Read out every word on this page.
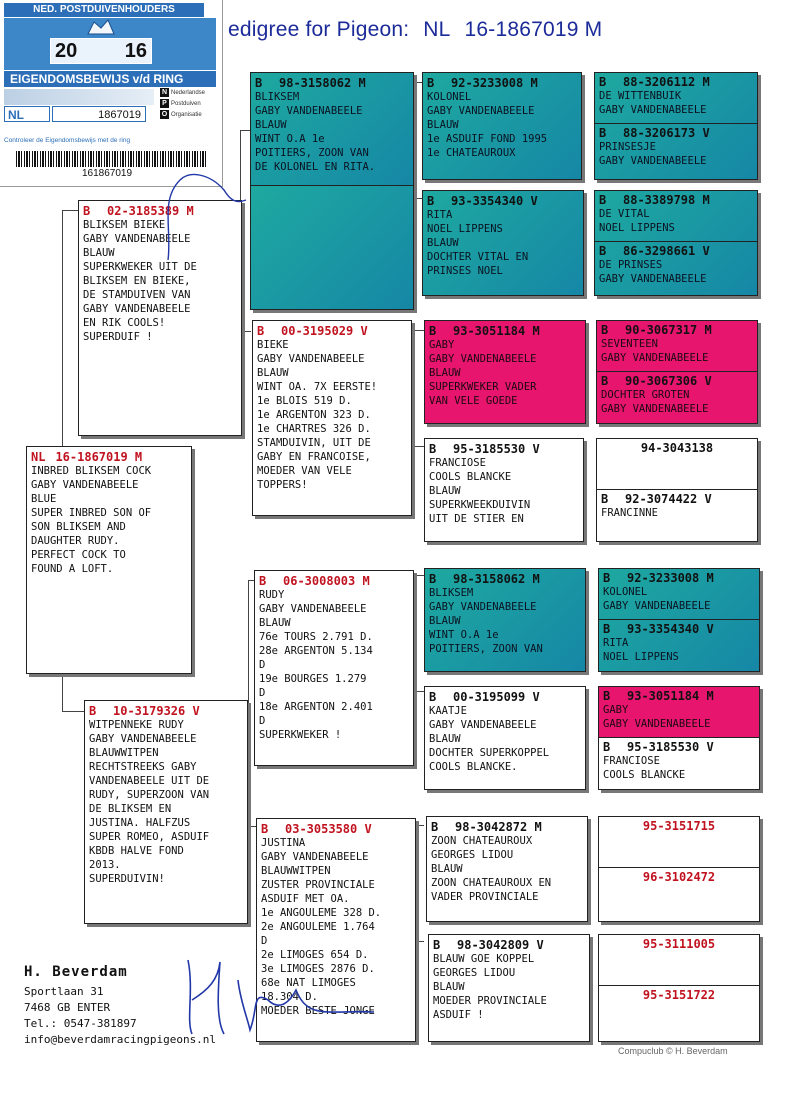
edigree for Pigeon: NL 16-1867019 M
NED. POSTDUIVENHOUDERS
20 16
EIGENDOMSBEWIJS v/d RING
N Nederlandse
P Postduiven
O Organisatie
NL	1867019
Controleer de Eigendomsbewijs met de ring
161867019
NL 16-1867019 M
INBRED BLIKSEM COCK
GABY VANDENABEELE
BLUE
SUPER INBRED SON OF
SON BLIKSEM AND
DAUGHTER RUDY.
PERFECT COCK TO
FOUND A LOFT.
B	02-3185389 M
BLIKSEM BIEKE
GABY VANDENABEELE
BLAUW
SUPERKWEKER UIT DE
BLIKSEM EN BIEKE,
DE STAMDUIVEN VAN
GABY VANDENABEELE
EN RIK COOLS!
SUPERDUIF !
B	10-3179326 V
WITPENNEKE RUDY
GABY VANDENABEELE
BLAUWWITPEN
RECHTSTREEKS GABY
VANDENABEELE UIT DE
RUDY, SUPERZOON VAN
DE BLIKSEM EN
JUSTINA. HALFZUS
SUPER ROMEO, ASDUIF
KBDB HALVE FOND
2013.
SUPERDUIVIN!
B	98-3158062 M
BLIKSEM
GABY VANDENABEELE
BLAUW
WINT O.A 1e
POITIERS, ZOON VAN
DE KOLONEL EN RITA.
B	00-3195029 V
BIEKE
GABY VANDENABEELE
BLAUW
WINT OA. 7X EERSTE!
1e BLOIS 519 D.
1e ARGENTON 323 D.
1e CHARTRES 326 D.
STAMDUIVIN, UIT DE
GABY EN FRANCOISE,
MOEDER VAN VELE
TOPPERS!
B	06-3008003 M
RUDY
GABY VANDENABEELE
BLAUW
76e TOURS 2.791 D.
28e ARGENTON 5.134
D
19e BOURGES 1.279
D
18e ARGENTON 2.401
D
SUPERKWEKER !
B	03-3053580 V
JUSTINA
GABY VANDENABEELE
BLAUWWITPEN
ZUSTER PROVINCIALE
ASDUIF MET OA.
1e ANGOULEME 328 D.
2e ANGOULEME 1.764
D
2e LIMOGES 654 D.
3e LIMOGES 2876 D.
68e NAT LIMOGES
18.304 D.
MOEDER BESTE JONGE
B	92-3233008 M
KOLONEL
GABY VANDENABEELE
BLAUW
1e ASDUIF FOND 1995
1e CHATEAUROUX
B	93-3354340 V
RITA
NOEL LIPPENS
BLAUW
DOCHTER VITAL EN
PRINSES NOEL
B	93-3051184 M
GABY
GABY VANDENABEELE
BLAUW
SUPERKWEKER VADER
VAN VELE GOEDE
B	95-3185530 V
FRANCIOSE
COOLS BLANCKE
BLAUW
SUPERKWEEKDUIVIN
UIT DE STIER EN
B	98-3158062 M
BLIKSEM
GABY VANDENABEELE
BLAUW
WINT O.A 1e
POITIERS, ZOON VAN
B	00-3195099 V
KAATJE
GABY VANDENABEELE
BLAUW
DOCHTER SUPERKOPPEL
COOLS BLANCKE.
B	98-3042872 M
ZOON CHATEAUROUX
GEORGES LIDOU
BLAUW
ZOON CHATEAUROUX EN
VADER PROVINCIALE
B	98-3042809 V
BLAUW GOE KOPPEL
GEORGES LIDOU
BLAUW
MOEDER PROVINCIALE
ASDUIF !
B	88-3206112 M
DE WITTENBUIK
GABY VANDENABEELE
B	88-3206173 V
PRINSESJE
GABY VANDENABEELE
B	88-3389798 M
DE VITAL
NOEL LIPPENS
B	86-3298661 V
DE PRINSES
GABY VANDENABEELE
B	90-3067317 M
SEVENTEEN
GABY VANDENABEELE
B	90-3067306 V
DOCHTER GROTEN
GABY VANDENABEELE
94-3043138
B	92-3074422 V
FRANCINNE
B	92-3233008 M
KOLONEL
GABY VANDENABEELE
B	93-3354340 V
RITA
NOEL LIPPENS
B	93-3051184 M
GABY
GABY VANDENABEELE
B	95-3185530 V
FRANCIOSE
COOLS BLANCKE
95-3151715
96-3102472
95-3111005
95-3151722
H. Beverdam
Sportlaan 31
7468 GB ENTER
Tel.: 0547-381897
info@beverdamracingpigeons.nl
Compuclub © H. Beverdam
